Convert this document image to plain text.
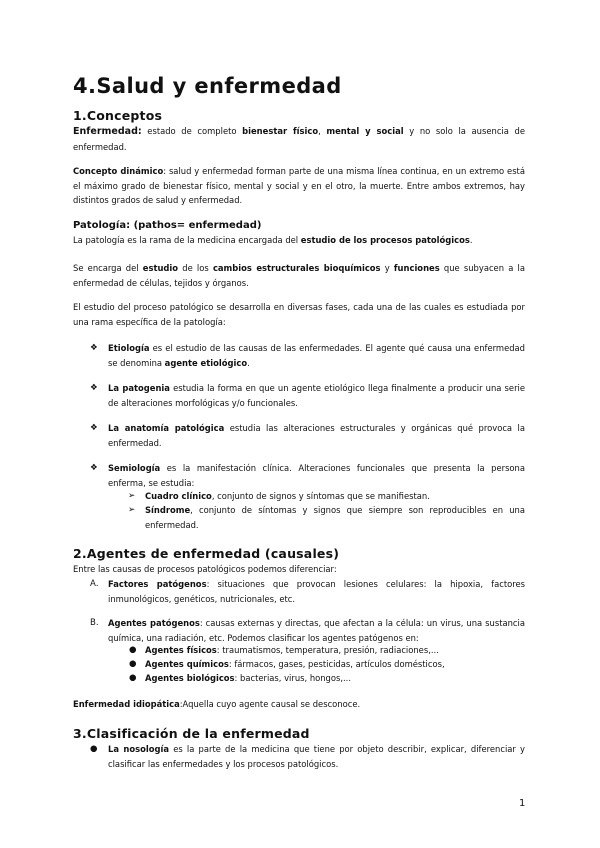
4.Salud y enfermedad
1.Conceptos

Enfermedad: estado de completo bienestar físico, mental y social y no solo la ausencia de enfermedad.

Concepto dinámico: salud y enfermedad forman parte de una misma línea continua, en un extremo está el máximo grado de bienestar físico, mental y social y en el otro, la muerte. Entre ambos extremos, hay distintos grados de salud y enfermedad.

Patología: (pathos= enfermedad)

La patología es la rama de la medicina encargada del estudio de los procesos patológicos.

Se encarga del estudio de los cambios estructurales bioquímicos y funciones que subyacen a la enfermedad de células, tejidos y órganos.

El estudio del proceso patológico se desarrolla en diversas fases, cada una de las cuales es estudiada por una rama específica de la patología:

❖ Etiología es el estudio de las causas de las enfermedades. El agente qué causa una enfermedad se denomina agente etiológico.

❖ La patogenia estudia la forma en que un agente etiológico llega finalmente a producir una serie de alteraciones morfológicas y/o funcionales.

❖ La anatomía patológica estudia las alteraciones estructurales y orgánicas qué provoca la enfermedad.

❖ Semiología es la manifestación clínica. Alteraciones funcionales que presenta la persona enferma, se estudia:

➢ Cuadro clínico, conjunto de signos y síntomas que se manifiestan.

➢ Síndrome, conjunto de síntomas y signos que siempre son reproducibles en una enfermedad.

2.Agentes de enfermedad (causales)

Entre las causas de procesos patológicos podemos diferenciar:

A. Factores patógenos: situaciones que provocan lesiones celulares: la hipoxia, factores inmunológicos, genéticos, nutricionales, etc.

B. Agentes patógenos: causas externas y directas, que afectan a la célula: un virus, una sustancia química, una radiación, etc. Podemos clasificar los agentes patógenos en:

● Agentes físicos: traumatismos, temperatura, presión, radiaciones,...

● Agentes químicos: fármacos, gases, pesticidas, artículos domésticos,

● Agentes biológicos: bacterias, virus, hongos,...

Enfermedad idiopática:Aquella cuyo agente causal se desconoce.

3.Clasificación de la enfermedad
● La nosología es la parte de la medicina que tiene por objeto describir, explicar, diferenciar y clasificar las enfermedades y los procesos patológicos.

1
